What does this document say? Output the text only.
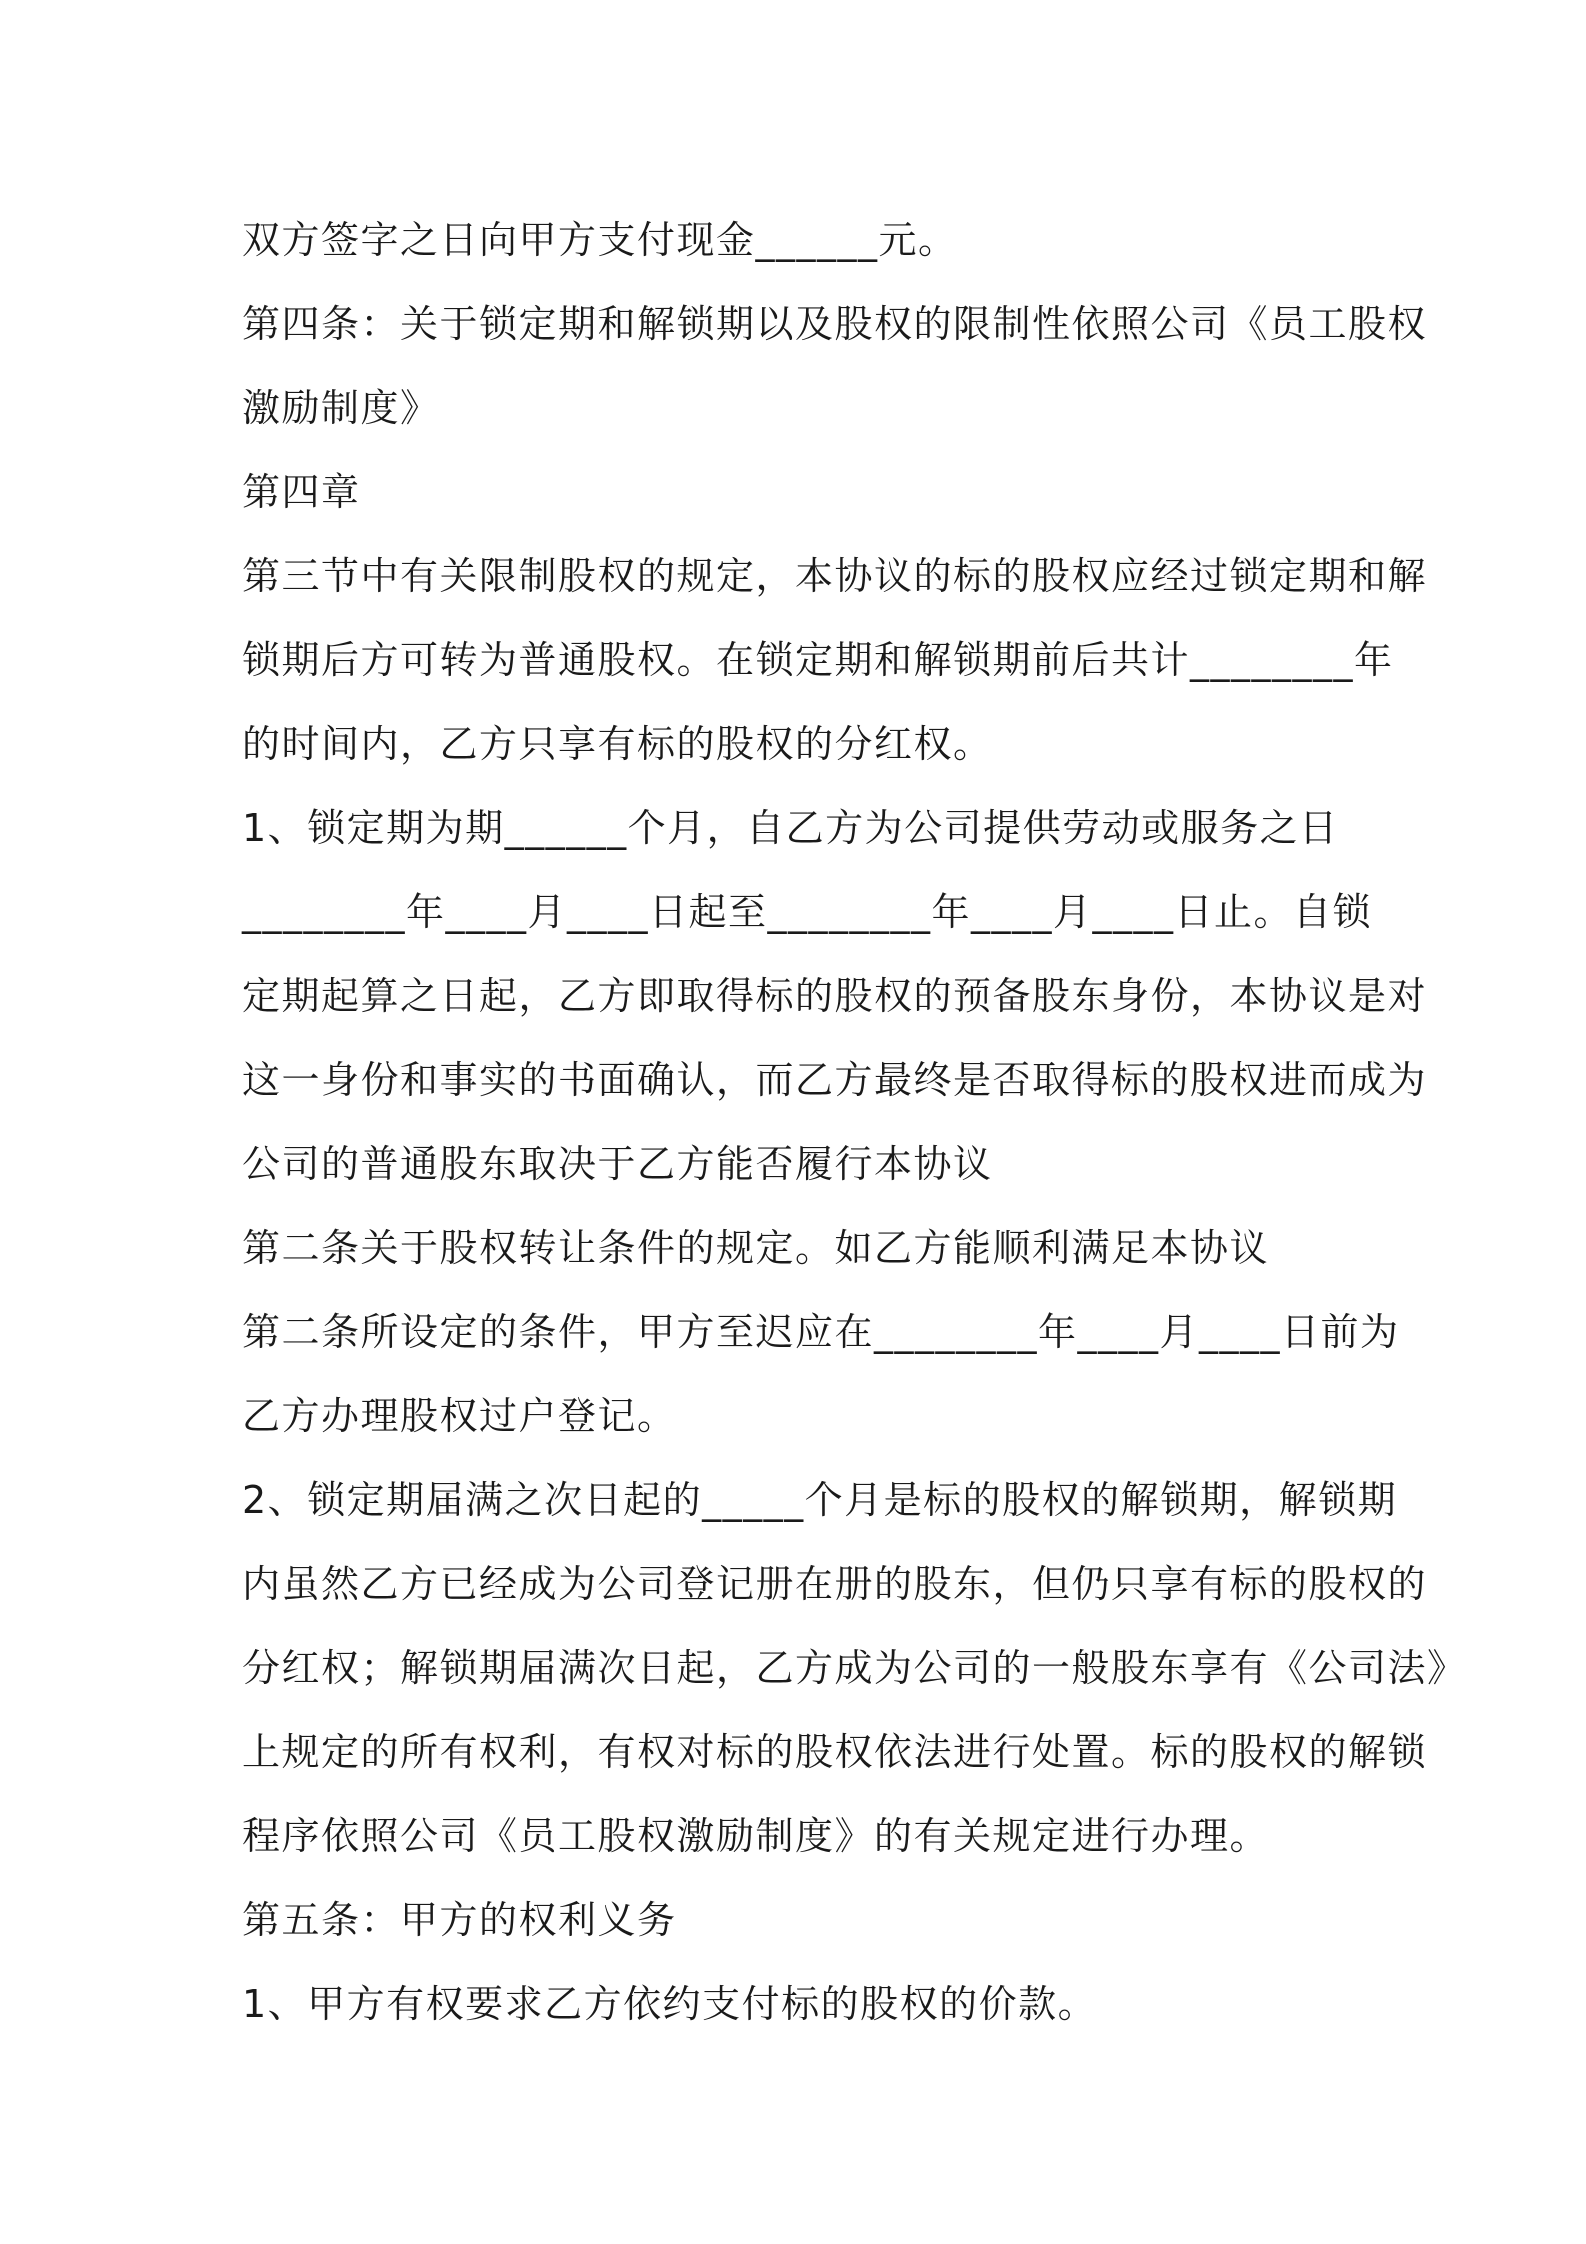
双方签字之日向甲方支付现金______元。
第四条：关于锁定期和解锁期以及股权的限制性依照公司《员工股权
激励制度》
第四章
第三节中有关限制股权的规定，本协议的标的股权应经过锁定期和解
锁期后方可转为普通股权。在锁定期和解锁期前后共计________年
的时间内，乙方只享有标的股权的分红权。
1、锁定期为期______个月，自乙方为公司提供劳动或服务之日
________年____月____日起至________年____月____日止。自锁
定期起算之日起，乙方即取得标的股权的预备股东身份，本协议是对
这一身份和事实的书面确认，而乙方最终是否取得标的股权进而成为
公司的普通股东取决于乙方能否履行本协议
第二条关于股权转让条件的规定。如乙方能顺利满足本协议
第二条所设定的条件，甲方至迟应在________年____月____日前为
乙方办理股权过户登记。
2、锁定期届满之次日起的_____个月是标的股权的解锁期，解锁期
内虽然乙方已经成为公司登记册在册的股东，但仍只享有标的股权的
分红权；解锁期届满次日起，乙方成为公司的一般股东享有《公司法》
上规定的所有权利，有权对标的股权依法进行处置。标的股权的解锁
程序依照公司《员工股权激励制度》的有关规定进行办理。
第五条：甲方的权利义务
1、甲方有权要求乙方依约支付标的股权的价款。
